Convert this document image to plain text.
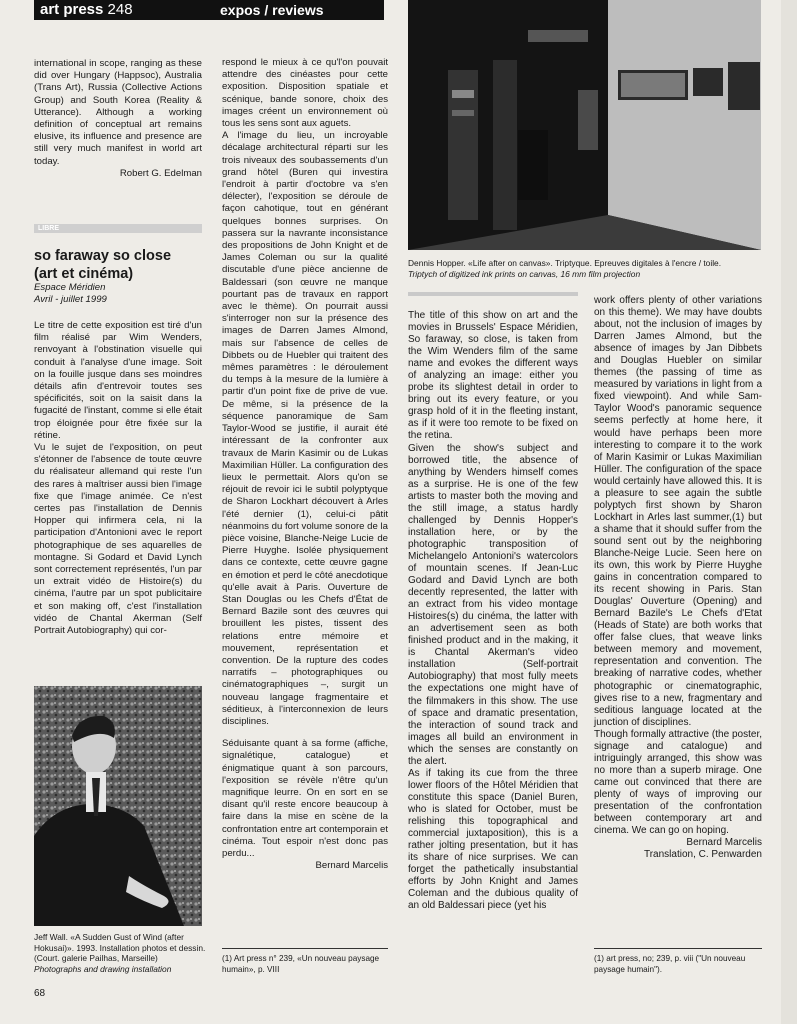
art press 248	expos / reviews

international in scope, ranging as these did over Hungary (Happsoc), Australia (Trans Art), Russia (Collective Actions Group) and South Korea (Reality & Utterance). Although a working definition of conceptual art remains elusive, its influence and presence are still very much manifest in world art today.

Robert G. Edelman

LIBRE
so faraway so close
(art et cinéma)
Espace Méridien
Avril - juillet 1999

Le titre de cette exposition est tiré d'un film réalisé par Wim Wenders, renvoyant à l'obstination visuelle qui conduit à l'analyse d'une image. Soit on la fouille jusque dans ses moindres détails afin d'entrevoir toutes ses spécificités, soit on la saisit dans la fugacité de l'instant, comme si elle était trop éloignée pour être fixée sur la rétine.

Vu le sujet de l'exposition, on peut s'étonner de l'absence de toute œuvre du réalisateur allemand qui reste l'un des rares à maîtriser aussi bien l'image fixe que l'image animée. Ce n'est certes pas l'installation de Dennis Hopper qui infirmera cela, ni la participation d'Antonioni avec le report photographique de ses aquarelles de montagne. Si Godard et David Lynch sont correctement représentés, l'un par un extrait vidéo de Histoire(s) du cinéma, l'autre par un spot publicitaire et son making off, c'est l'installation vidéo de Chantal Akerman (Self Portrait Autobiography) qui cor-

Jeff Wall. «A Sudden Gust of Wind (after Hokusai)». 1993. Installation photos et dessin. (Court. galerie Pailhas, Marseille)
Photographs and drawing installation
68

respond le mieux à ce qu'l'on pouvait attendre des cinéastes pour cette exposition. Disposition spatiale et scénique, bande sonore, choix des images créent un environnement où tous les sens sont aux aguets.

A l'image du lieu, un incroyable décalage architectural réparti sur les trois niveaux des soubassements d'un grand hôtel (Buren qui investira l'endroit à partir d'octobre va s'en délecter), l'exposition se déroule de façon cahotique, tout en générant quelques bonnes surprises. On passera sur la navrante inconsistance des propositions de John Knight et de James Coleman ou sur la qualité discutable d'une pièce ancienne de Baldessari (son œuvre ne manque pourtant pas de travaux en rapport avec le thème). On pourrait aussi s'interroger non sur la présence des images de Darren James Almond, mais sur l'absence de celles de Dibbets ou de Huebler qui traitent des mêmes paramètres : le déroulement du temps à la mesure de la lumière à partir d'un point fixe de prive de vue. De même, si la présence de la séquence panoramique de Sam Taylor-Wood se justifie, il aurait été intéressant de la confronter aux travaux de Marin Kasimir ou de Lukas Maximilian Hüller. La configuration des lieux le permettait. Alors qu'on se réjouit de revoir ici le subtil polyptyque de Sharon Lockhart découvert à Arles l'été dernier (1), celui-ci pâtit néanmoins du fort volume sonore de la pièce voisine, Blanche-Neige Lucie de Pierre Huyghe. Isolée physiquement dans ce contexte, cette œuvre gagne en émotion et perd le côté anecdotique qu'elle avait à Paris. Ouverture de Stan Douglas ou les Chefs d'État de Bernard Bazile sont des œuvres qui brouillent les pistes, tissent des relations entre mémoire et mouvement, représentation et convention. De la rupture des codes narratifs – photographiques ou cinématographiques –, surgit un nouveau langage fragmentaire et séditieux, à l'interconnexion de leurs disciplines.

Séduisante quant à sa forme (affiche, signalétique, catalogue) et énigmatique quant à son parcours, l'exposition se révèle n'être qu'un magnifique leurre. On en sort en se disant qu'il reste encore beaucoup à faire dans la mise en scène de la confrontation entre art contemporain et cinéma. Tout espoir n'est donc pas perdu...

Bernard Marcelis

(1) Art press n° 239, «Un nouveau paysage humain», p. VIII
Dennis Hopper. «Life after on canvas». Triptyque. Epreuves digitales à l'encre / toile.
Triptych of digitized ink prints on canvas, 16 mm film projection

The title of this show on art and the movies in Brussels' Espace Méridien, So faraway, so close, is taken from the Wim Wenders film of the same name and evokes the different ways of analyzing an image: either you probe its slightest detail in order to bring out its every feature, or you grasp hold of it in the fleeting instant, as if it were too remote to be fixed on the retina.

Given the show's subject and borrowed title, the absence of anything by Wenders himself comes as a surprise. He is one of the few artists to master both the moving and the still image, a status hardly challenged by Dennis Hopper's installation here, or by the photographic transposition of Michelangelo Antonioni's watercolors of mountain scenes. If Jean-Luc Godard and David Lynch are both decently represented, the latter with an extract from his video montage Histoires(s) du cinéma, the latter with an advertisement seen as both finished product and in the making, it is Chantal Akerman's video installation (Self-portrait Autobiography) that most fully meets the expectations one might have of the filmmakers in this show. The use of space and dramatic presentation, the interaction of sound track and images all build an environment in which the senses are constantly on the alert.

As if taking its cue from the three lower floors of the Hôtel Méridien that constitute this space (Daniel Buren, who is slated for October, must be relishing this topographical and commercial juxtaposition), this is a rather jolting presentation, but it has its share of nice surprises. We can forget the pathetically insubstantial efforts by John Knight and James Coleman and the dubious quality of an old Baldessari piece (yet his

work offers plenty of other variations on this theme). We may have doubts about, not the inclusion of images by Darren James Almond, but the absence of images by Jan Dibbets and Douglas Huebler on similar themes (the passing of time as measured by variations in light from a fixed viewpoint). And while Sam-Taylor Wood's panoramic sequence seems perfectly at home here, it would have perhaps been more interesting to compare it to the work of Marin Kasimir or Lukas Maximilian Hüller. The configuration of the space would certainly have allowed this. It is a pleasure to see again the subtle polyptych first shown by Sharon Lockhart in Arles last summer,(1) but a shame that it should suffer from the sound sent out by the neighboring Blanche-Neige Lucie. Seen here on its own, this work by Pierre Huyghe gains in concentration compared to its recent showing in Paris. Stan Douglas' Ouverture (Opening) and Bernard Bazile's Le Chefs d'Etat (Heads of State) are both works that offer false clues, that weave links between memory and movement, representation and convention. The breaking of narrative codes, whether photographic or cinematographic, gives rise to a new, fragmentary and seditious language located at the junction of disciplines.

Though formally attractive (the poster, signage and catalogue) and intriguingly arranged, this show was no more than a superb mirage. One came out convinced that there are plenty of ways of improving our presentation of the confrontation between contemporary art and cinema. We can go on hoping.

Bernard Marcelis

Translation, C. Penwarden

(1) art press, no; 239, p. viii ("Un nouveau paysage humain").
